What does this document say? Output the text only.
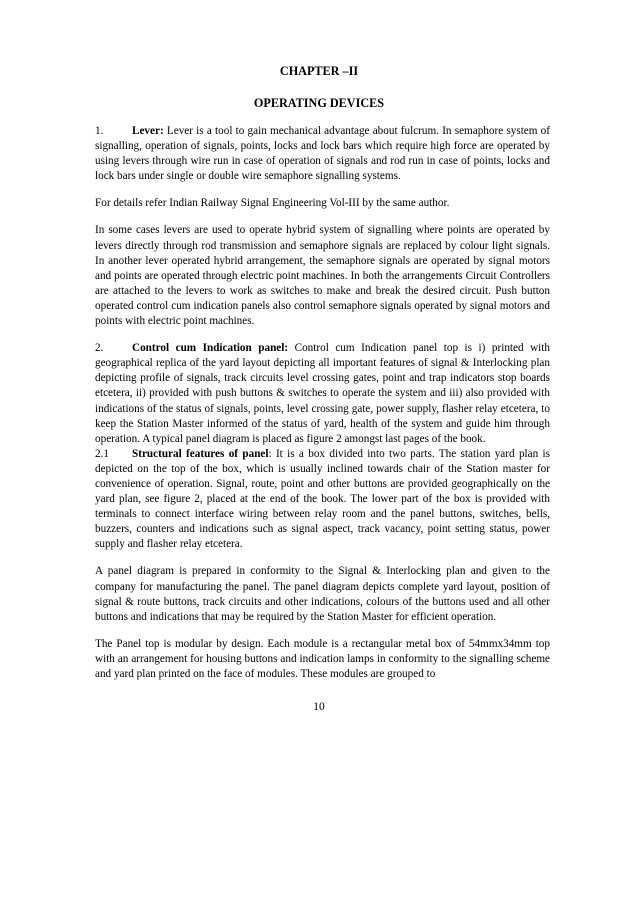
CHAPTER –II
OPERATING DEVICES

1.	Lever: Lever is a tool to gain mechanical advantage about fulcrum. In semaphore system of signalling, operation of signals, points, locks and lock bars which require high force are operated by using levers through wire run in case of operation of signals and rod run in case of points, locks and lock bars under single or double wire semaphore signalling systems.

For details refer Indian Railway Signal Engineering Vol-III by the same author.

In some cases levers are used to operate hybrid system of signalling where points are operated by levers directly through rod transmission and semaphore signals are replaced by colour light signals. In another lever operated hybrid arrangement, the semaphore signals are operated by signal motors and points are operated through electric point machines. In both the arrangements Circuit Controllers are attached to the levers to work as switches to make and break the desired circuit. Push button operated control cum indication panels also control semaphore signals operated by signal motors and points with electric point machines.

2.	Control cum Indication panel: Control cum Indication panel top is i) printed with geographical replica of the yard layout depicting all important features of signal & Interlocking plan depicting profile of signals, track circuits level crossing gates, point and trap indicators stop boards etcetera, ii) provided with push buttons & switches to operate the system and iii) also provided with indications of the status of signals, points, level crossing gate, power supply, flasher relay etcetera, to keep the Station Master informed of the status of yard, health of the system and guide him through operation. A typical panel diagram is placed as figure 2 amongst last pages of the book.

2.1 Structural features of panel: It is a box divided into two parts. The station yard plan is depicted on the top of the box, which is usually inclined towards chair of the Station master for convenience of operation. Signal, route, point and other buttons are provided geographically on the yard plan, see figure 2, placed at the end of the book. The lower part of the box is provided with terminals to connect interface wiring between relay room and the panel buttons, switches, bells, buzzers, counters and indications such as signal aspect, track vacancy, point setting status, power supply and flasher relay etcetera.

A panel diagram is prepared in conformity to the Signal & Interlocking plan and given to the company for manufacturing the panel. The panel diagram depicts complete yard layout, position of signal & route buttons, track circuits and other indications, colours of the buttons used and all other buttons and indications that may be required by the Station Master for efficient operation.

The Panel top is modular by design. Each module is a rectangular metal box of 54mmx34mm top with an arrangement for housing buttons and indication lamps in conformity to the signalling scheme and yard plan printed on the face of modules. These modules are grouped to

10
